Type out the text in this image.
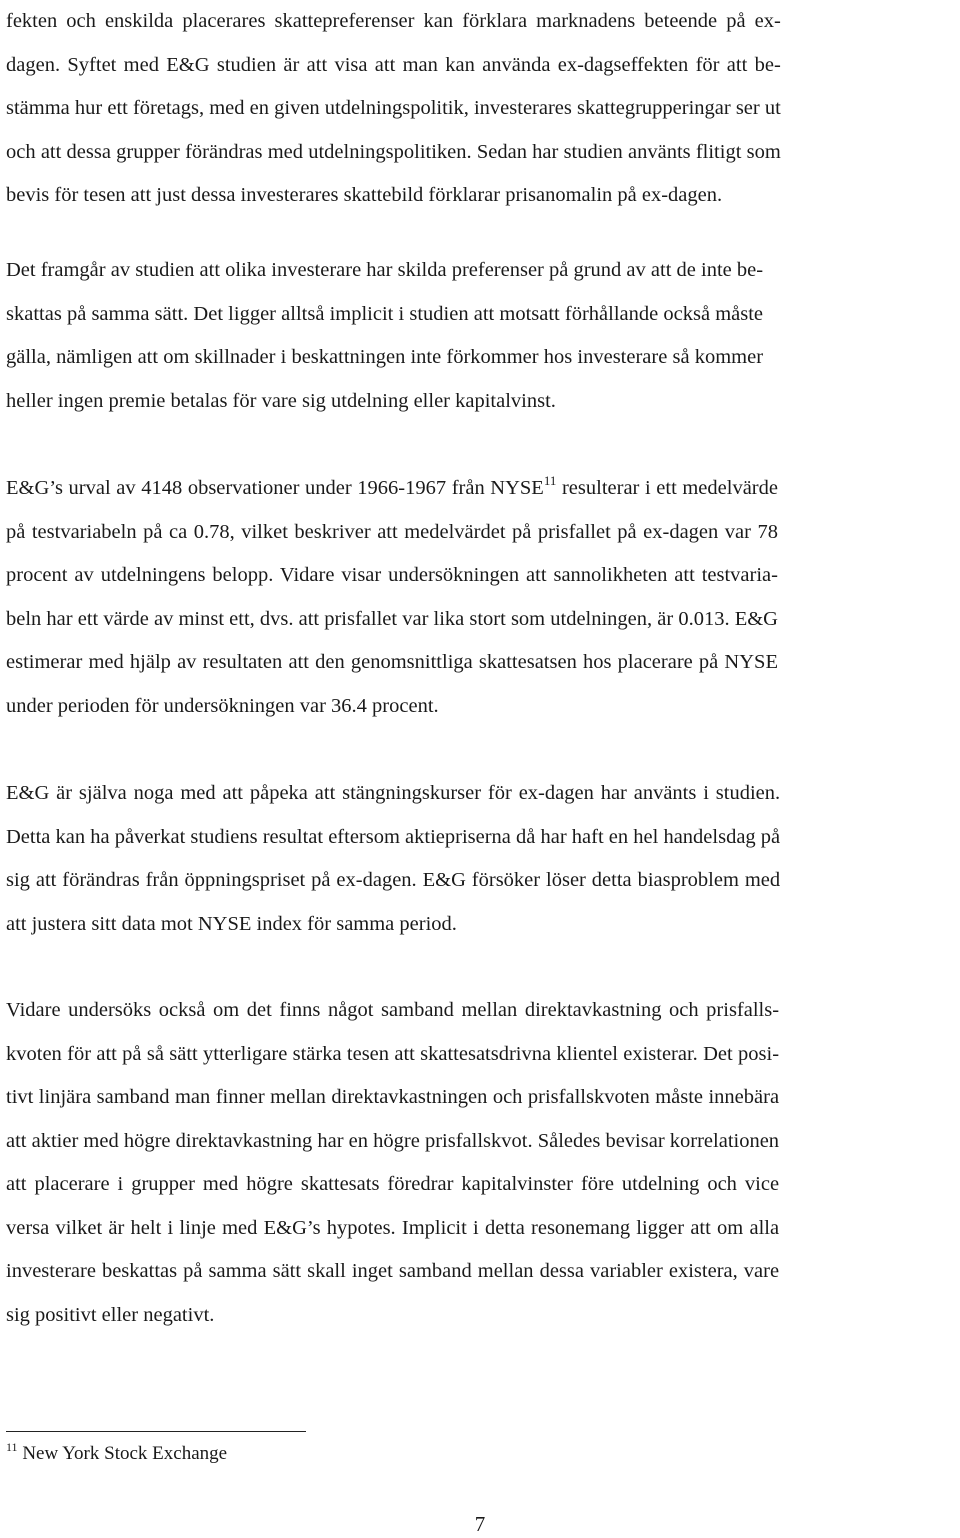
fekten och enskilda placerares skattepreferenser kan förklara marknadens beteende på ex-
dagen. Syftet med E&G studien är att visa att man kan använda ex-dagseffekten för att be-
stämma hur ett företags, med en given utdelningspolitik, investerares skattegrupperingar ser ut
och att dessa grupper förändras med utdelningspolitiken. Sedan har studien använts flitigt som
bevis för tesen att just dessa investerares skattebild förklarar prisanomalin på ex-dagen.

Det framgår av studien att olika investerare har skilda preferenser på grund av att de inte be-
skattas på samma sätt. Det ligger alltså implicit i studien att motsatt förhållande också måste
gälla, nämligen att om skillnader i beskattningen inte förkommer hos investerare så kommer
heller ingen premie betalas för vare sig utdelning eller kapitalvinst.

E&G’s urval av 4148 observationer under 1966-1967 från NYSE$^{11}$ resulterar i ett medelvärde
på testvariabeln på ca 0.78, vilket beskriver att medelvärdet på prisfallet på ex-dagen var 78
procent av utdelningens belopp. Vidare visar undersökningen att sannolikheten att testvaria-
beln har ett värde av minst ett, dvs. att prisfallet var lika stort som utdelningen, är 0.013. E&G
estimerar med hjälp av resultaten att den genomsnittliga skattesatsen hos placerare på NYSE
under perioden för undersökningen var 36.4 procent.

E&G är själva noga med att påpeka att stängningskurser för ex-dagen har använts i studien.
Detta kan ha påverkat studiens resultat eftersom aktiepriserna då har haft en hel handelsdag på
sig att förändras från öppningspriset på ex-dagen. E&G försöker löser detta biasproblem med
att justera sitt data mot NYSE index för samma period.

Vidare undersöks också om det finns något samband mellan direktavkastning och prisfalls-
kvoten för att på så sätt ytterligare stärka tesen att skattesatsdrivna klientel existerar. Det posi-
tivt linjära samband man finner mellan direktavkastningen och prisfallskvoten måste innebära
att aktier med högre direktavkastning har en högre prisfallskvot. Således bevisar korrelationen
att placerare i grupper med högre skattesats föredrar kapitalvinster före utdelning och vice
versa vilket är helt i linje med E&G’s hypotes. Implicit i detta resonemang ligger att om alla
investerare beskattas på samma sätt skall inget samband mellan dessa variabler existera, vare
sig positivt eller negativt.

$^{11}$ New York Stock Exchange
7
